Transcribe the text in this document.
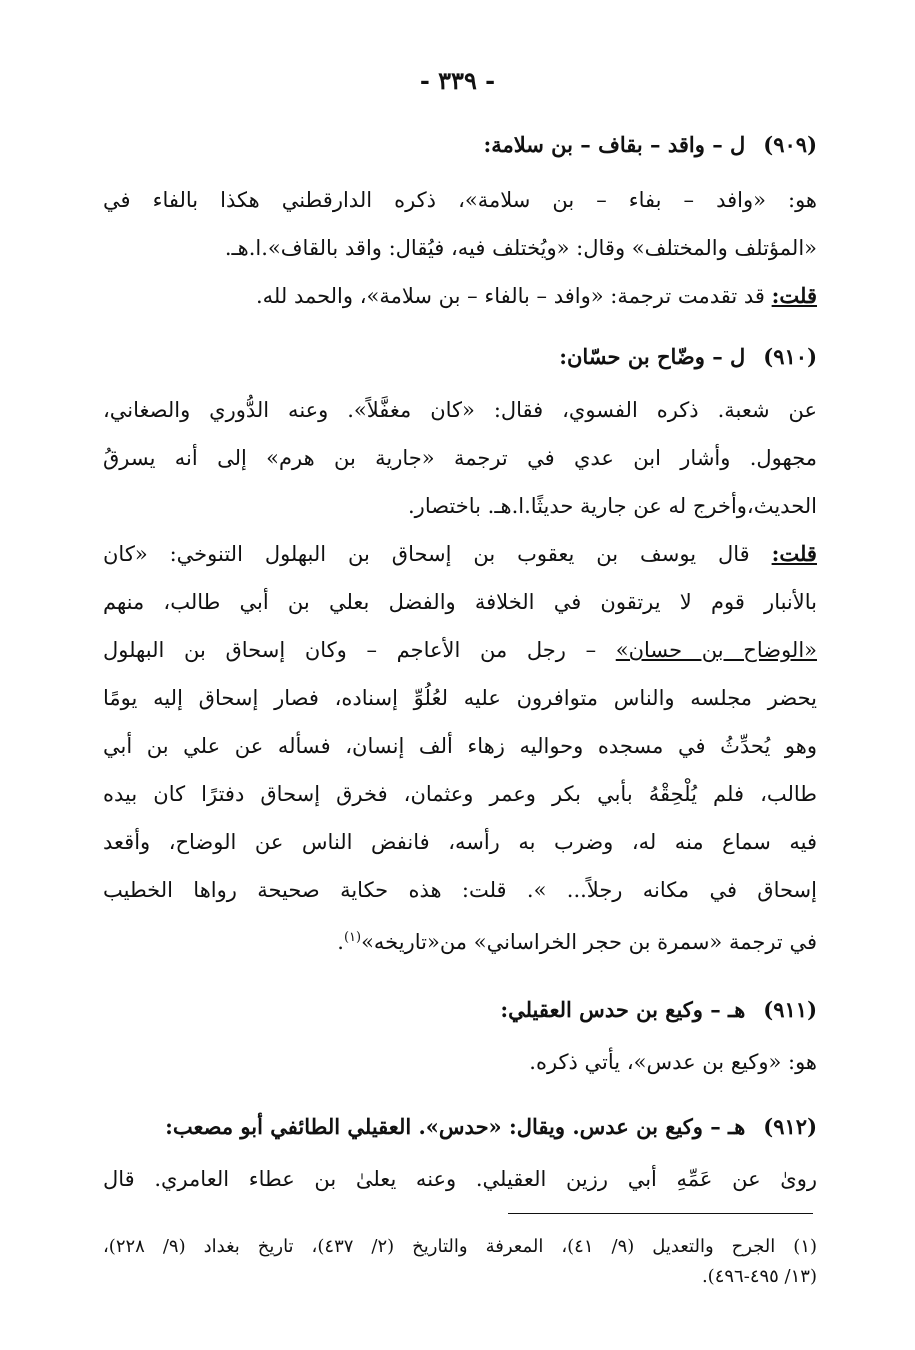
- ٣٣٩ -
(٩٠٩)ل – واقد – بقاف – بن سلامة:
هو: «وافد – بفاء – بن سلامة»، ذكره الدارقطني هكذا بالفاء في
«المؤتلف والمختلف» وقال: «ويُختلف فيه، فيُقال: واقد بالقاف».ا.هـ.
قلت: قد تقدمت ترجمة: «وافد – بالفاء – بن سلامة»، والحمد لله.
(٩١٠)ل – وضّاح بن حسّان:
عن شعبة. ذكره الفسوي، فقال: «كان مغفَّلاً». وعنه الدُّوري والصغاني،
مجهول. وأشار ابن عدي في ترجمة «جارية بن هرم» إلى أنه يسرقُ
الحديث،وأخرج له عن جارية حديثًا.ا.هـ. باختصار.
قلت: قال يوسف بن يعقوب بن إسحاق بن البهلول التنوخي: «كان
بالأنبار قوم لا يرتقون في الخلافة والفضل بعلي بن أبي طالب، منهم
«الوضاح بن حسان» – رجل من الأعاجم – وكان إسحاق بن البهلول
يحضر مجلسه والناس متوافرون عليه لعُلُوِّ إسناده، فصار إسحاق إليه يومًا
وهو يُحدِّثُ في مسجده وحواليه زهاء ألف إنسان، فسأله عن علي بن أبي
طالب، فلم يُلْحِقْهُ بأبي بكر وعمر وعثمان، فخرق إسحاق دفترًا كان بيده
فيه سماع منه له، وضرب به رأسه، فانفض الناس عن الوضاح، وأقعد
إسحاق في مكانه رجلاً... ». قلت: هذه حكاية صحيحة رواها الخطيب
في ترجمة «سمرة بن حجر الخراساني» من«تاريخه»$^{(١)}$.
(٩١١)هـ – وكيع بن حدس العقيلي:
هو: «وكيع بن عدس»، يأتي ذكره.
(٩١٢)هـ – وكيع بن عدس. ويقال: «حدس». العقيلي الطائفي أبو مصعب:
روىٰ عن عَمِّهِ أبي رزين العقيلي. وعنه يعلىٰ بن عطاء العامري. قال
(١) الجرح والتعديل (٩/ ٤١)، المعرفة والتاريخ (٢/ ٤٣٧)، تاريخ بغداد (٩/ ٢٢٨)،
(١٣/ ٤٩٥-٤٩٦).
